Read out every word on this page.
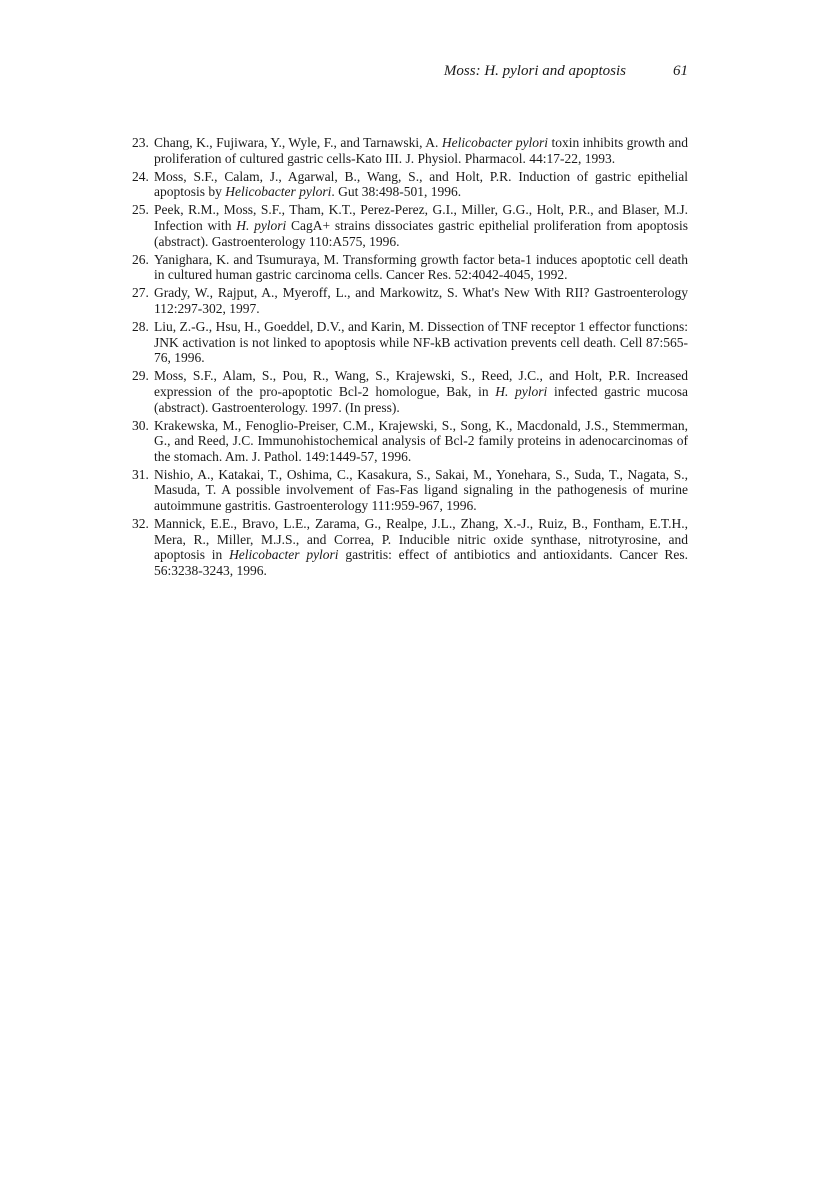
Moss: H. pylori and apoptosis	61
23. Chang, K., Fujiwara, Y., Wyle, F., and Tarnawski, A. Helicobacter pylori toxin inhibits growth and proliferation of cultured gastric cells-Kato III. J. Physiol. Pharmacol. 44:17-22, 1993.
24. Moss, S.F., Calam, J., Agarwal, B., Wang, S., and Holt, P.R. Induction of gastric epithelial apoptosis by Helicobacter pylori. Gut 38:498-501, 1996.
25. Peek, R.M., Moss, S.F., Tham, K.T., Perez-Perez, G.I., Miller, G.G., Holt, P.R., and Blaser, M.J. Infection with H. pylori CagA+ strains dissociates gastric epithelial proliferation from apoptosis (abstract). Gastroenterology 110:A575, 1996.
26. Yanighara, K. and Tsumuraya, M. Transforming growth factor beta-1 induces apoptotic cell death in cultured human gastric carcinoma cells. Cancer Res. 52:4042-4045, 1992.
27. Grady, W., Rajput, A., Myeroff, L., and Markowitz, S. What's New With RII? Gastroenterology 112:297-302, 1997.
28. Liu, Z.-G., Hsu, H., Goeddel, D.V., and Karin, M. Dissection of TNF receptor 1 effector functions: JNK activation is not linked to apoptosis while NF-kB activation prevents cell death. Cell 87:565-76, 1996.
29. Moss, S.F., Alam, S., Pou, R., Wang, S., Krajewski, S., Reed, J.C., and Holt, P.R. Increased expression of the pro-apoptotic Bcl-2 homologue, Bak, in H. pylori infected gastric mucosa (abstract). Gastroenterology. 1997. (In press).
30. Krakewska, M., Fenoglio-Preiser, C.M., Krajewski, S., Song, K., Macdonald, J.S., Stemmerman, G., and Reed, J.C. Immunohistochemical analysis of Bcl-2 family proteins in adenocarcinomas of the stomach. Am. J. Pathol. 149:1449-57, 1996.
31. Nishio, A., Katakai, T., Oshima, C., Kasakura, S., Sakai, M., Yonehara, S., Suda, T., Nagata, S., Masuda, T. A possible involvement of Fas-Fas ligand signaling in the pathogenesis of murine autoimmune gastritis. Gastroenterology 111:959-967, 1996.
32. Mannick, E.E., Bravo, L.E., Zarama, G., Realpe, J.L., Zhang, X.-J., Ruiz, B., Fontham, E.T.H., Mera, R., Miller, M.J.S., and Correa, P. Inducible nitric oxide synthase, nitrotyrosine, and apoptosis in Helicobacter pylori gastritis: effect of antibiotics and antioxidants. Cancer Res. 56:3238-3243, 1996.
